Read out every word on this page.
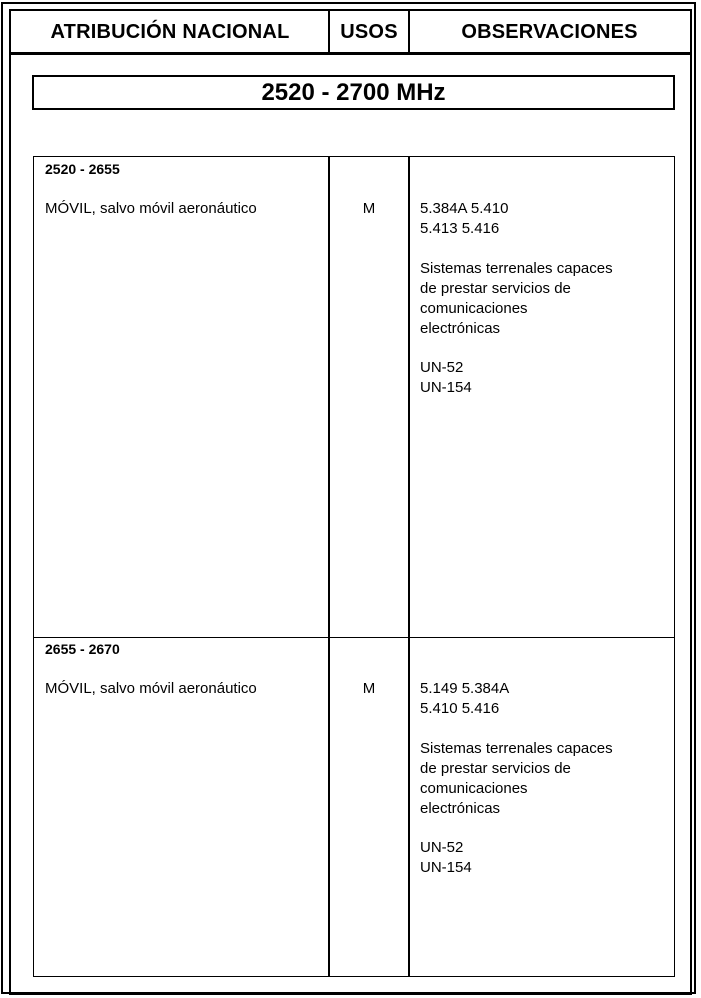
ATRIBUCIÓN NACIONAL	USOS	OBSERVACIONES
2520 - 2700 MHz
2520 - 2655
MÓVIL, salvo móvil aeronáutico	M	5.384A 5.410
5.413 5.416
Sistemas terrenales capaces
de prestar servicios de
comunicaciones
electrónicas
UN-52
UN-154
2655 - 2670
MÓVIL, salvo móvil aeronáutico	M	5.149 5.384A
5.410 5.416
Sistemas terrenales capaces
de prestar servicios de
comunicaciones
electrónicas
UN-52
UN-154
